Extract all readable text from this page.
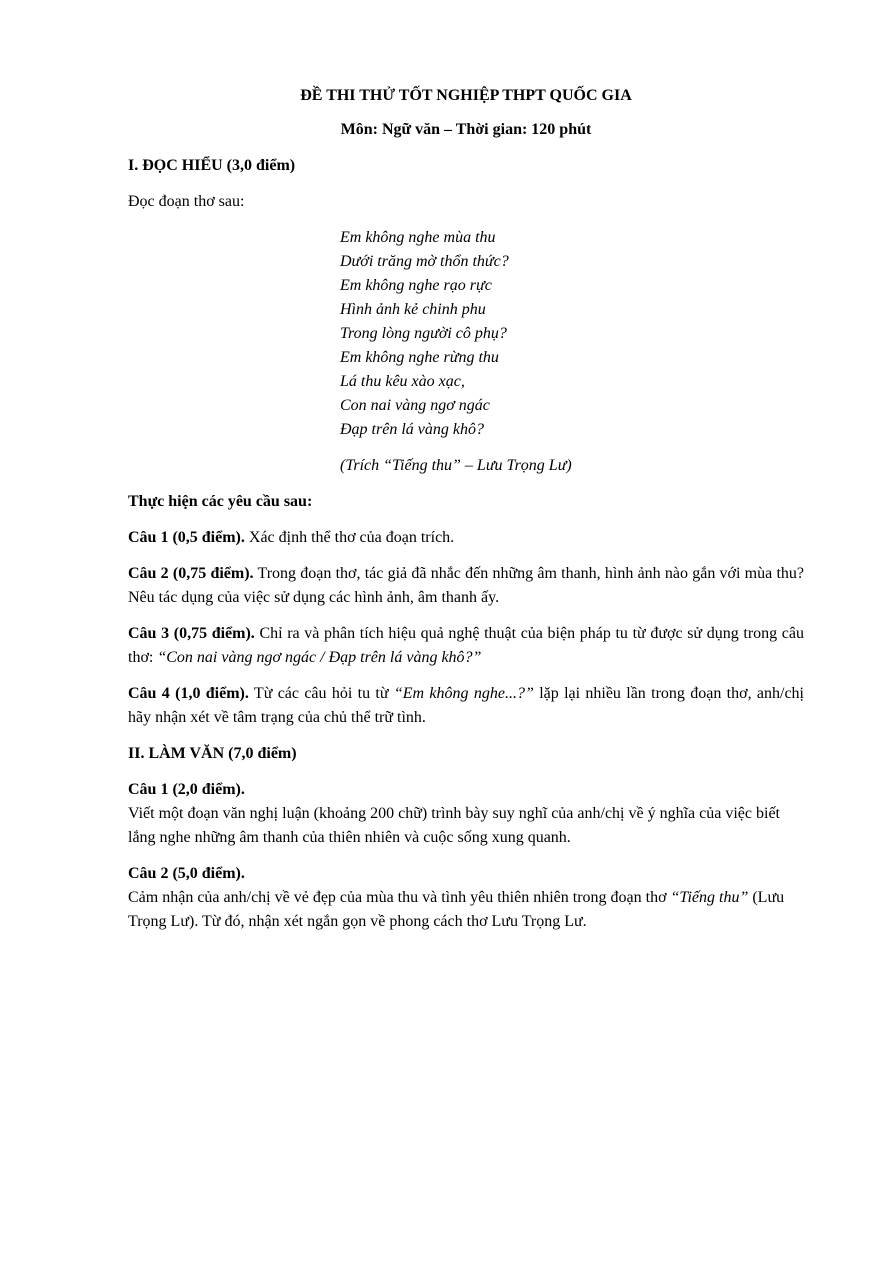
ĐỀ THI THỬ TỐT NGHIỆP THPT QUỐC GIA
Môn: Ngữ văn – Thời gian: 120 phút
I. ĐỌC HIỂU (3,0 điểm)
Đọc đoạn thơ sau:
Em không nghe mùa thu
Dưới trăng mờ thổn thức?
Em không nghe rạo rực
Hình ảnh kẻ chinh phu
Trong lòng người cô phụ?
Em không nghe rừng thu
Lá thu kêu xào xạc,
Con nai vàng ngơ ngác
Đạp trên lá vàng khô?
(Trích “Tiếng thu” – Lưu Trọng Lư)
Thực hiện các yêu cầu sau:
Câu 1 (0,5 điểm). Xác định thể thơ của đoạn trích.
Câu 2 (0,75 điểm). Trong đoạn thơ, tác giả đã nhắc đến những âm thanh, hình ảnh nào gắn với mùa thu? Nêu tác dụng của việc sử dụng các hình ảnh, âm thanh ấy.
Câu 3 (0,75 điểm). Chỉ ra và phân tích hiệu quả nghệ thuật của biện pháp tu từ được sử dụng trong câu thơ: “Con nai vàng ngơ ngác / Đạp trên lá vàng khô?”
Câu 4 (1,0 điểm). Từ các câu hỏi tu từ “Em không nghe...?” lặp lại nhiều lần trong đoạn thơ, anh/chị hãy nhận xét về tâm trạng của chủ thể trữ tình.
II. LÀM VĂN (7,0 điểm)
Câu 1 (2,0 điểm).
Viết một đoạn văn nghị luận (khoảng 200 chữ) trình bày suy nghĩ của anh/chị về ý nghĩa của việc biết lắng nghe những âm thanh của thiên nhiên và cuộc sống xung quanh.
Câu 2 (5,0 điểm).
Cảm nhận của anh/chị về vẻ đẹp của mùa thu và tình yêu thiên nhiên trong đoạn thơ “Tiếng thu” (Lưu Trọng Lư). Từ đó, nhận xét ngắn gọn về phong cách thơ Lưu Trọng Lư.
